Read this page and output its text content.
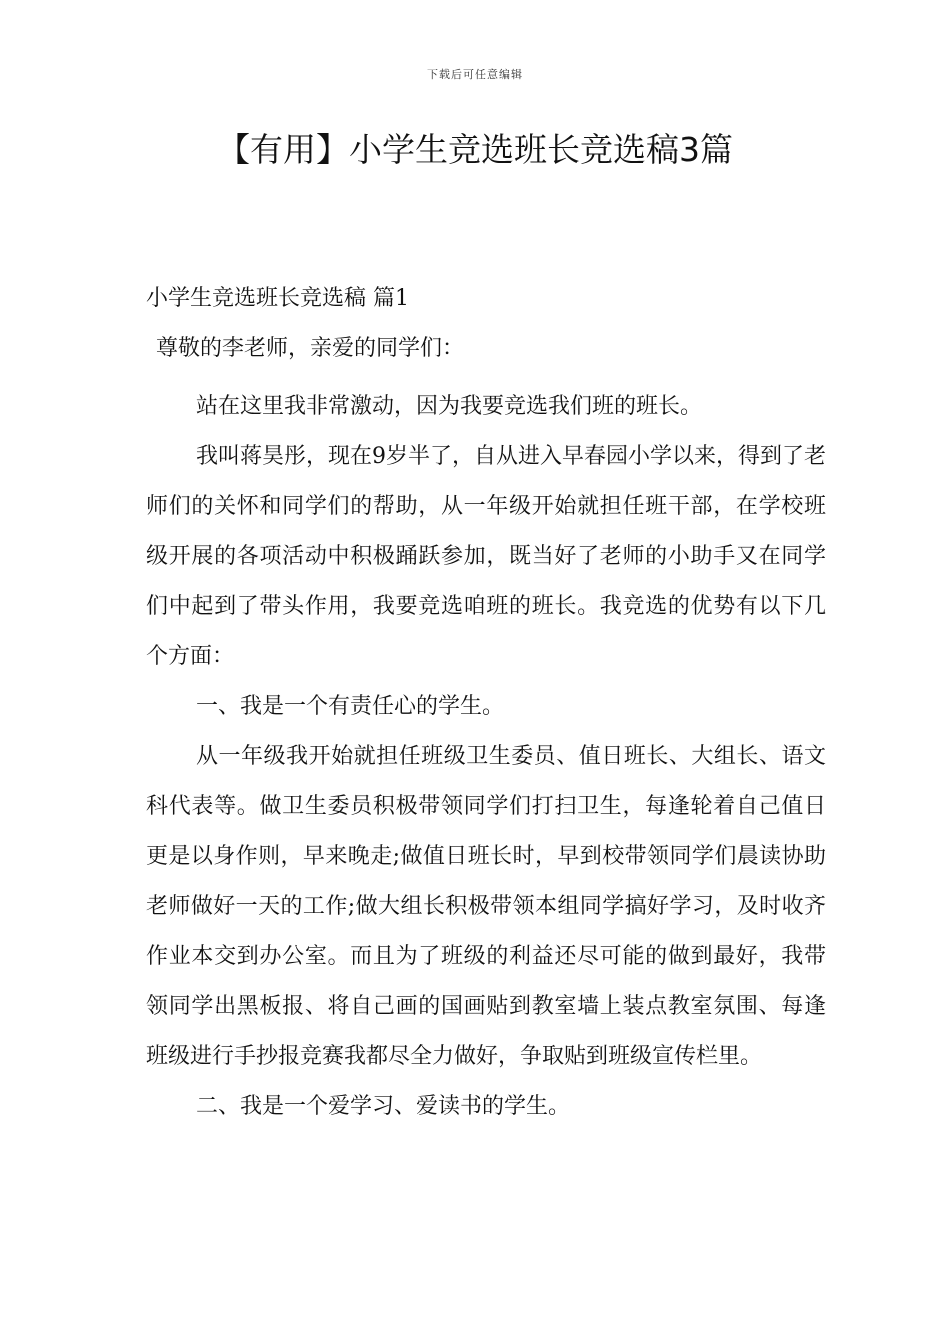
下载后可任意编辑
【有用】小学生竞选班长竞选稿3篇

小学生竞选班长竞选稿 篇1

尊敬的李老师，亲爱的同学们：

站在这里我非常激动，因为我要竞选我们班的班长。

我叫蒋昊彤，现在9岁半了，自从进入早春园小学以来，得到了老师们的关怀和同学们的帮助，从一年级开始就担任班干部，在学校班级开展的各项活动中积极踊跃参加，既当好了老师的小助手又在同学们中起到了带头作用，我要竞选咱班的班长。我竞选的优势有以下几个方面：

一、我是一个有责任心的学生。

从一年级我开始就担任班级卫生委员、值日班长、大组长、语文科代表等。做卫生委员积极带领同学们打扫卫生，每逢轮着自己值日更是以身作则，早来晚走;做值日班长时，早到校带领同学们晨读协助老师做好一天的工作;做大组长积极带领本组同学搞好学习，及时收齐作业本交到办公室。而且为了班级的利益还尽可能的做到最好，我带领同学出黑板报、将自己画的国画贴到教室墙上装点教室氛围、每逢班级进行手抄报竞赛我都尽全力做好，争取贴到班级宣传栏里。

二、我是一个爱学习、爱读书的学生。
